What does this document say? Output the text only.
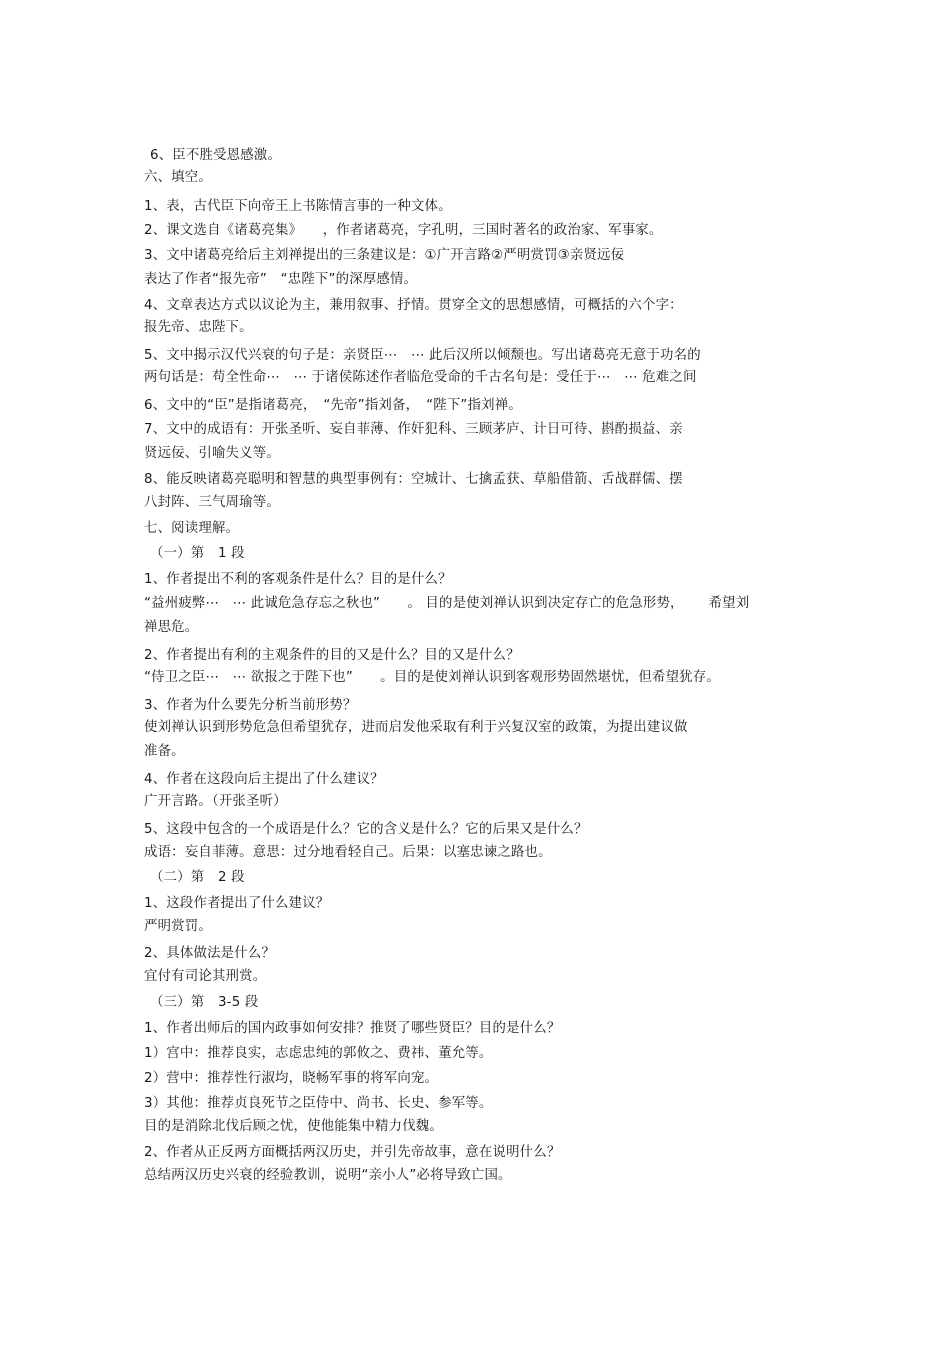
6、臣不胜受恩感激。
六、填空。
1、表，古代臣下向帝王上书陈情言事的一种文体。
2、课文选自《诸葛亮集》　　，作者诸葛亮，字孔明，三国时著名的政治家、军事家。
3、文中诸葛亮给后主刘禅提出的三条建议是：①广开言路②严明赏罚③亲贤远佞
表达了作者“报先帝”　“忠陛下”的深厚感情。
4、文章表达方式以议论为主，兼用叙事、抒情。贯穿全文的思想感情，可概括的六个字：
报先帝、忠陛下。
5、文中揭示汉代兴衰的句子是：亲贤臣⋯　⋯ 此后汉所以倾颓也。写出诸葛亮无意于功名的
两句话是：苟全性命⋯　⋯ 于诸侯陈述作者临危受命的千古名句是：受任于⋯　⋯ 危难之间
6、文中的“臣”是指诸葛亮，　“先帝”指刘备，　“陛下”指刘禅。
7、文中的成语有：开张圣听、妄自菲薄、作奸犯科、三顾茅庐、计日可待、斟酌损益、亲
贤远佞、引喻失义等。
8、能反映诸葛亮聪明和智慧的典型事例有：空城计、七擒孟获、草船借箭、舌战群儒、摆
八封阵、三气周瑜等。
七、阅读理解。
（一）第　1 段
1、作者提出不利的客观条件是什么？目的是什么？
“益州疲弊⋯　⋯ 此诚危急存忘之秋也”　　。 目的是使刘禅认识到决定存亡的危急形势，　　 希望刘
禅思危。
2、作者提出有利的主观条件的目的又是什么？目的又是什么？
“侍卫之臣⋯　⋯ 欲报之于陛下也”　　。目的是使刘禅认识到客观形势固然堪忧，但希望犹存。
3、作者为什么要先分析当前形势？
使刘禅认识到形势危急但希望犹存，进而启发他采取有利于兴复汉室的政策，为提出建议做
准备。
4、作者在这段向后主提出了什么建议？
广开言路。（开张圣听）
5、这段中包含的一个成语是什么？它的含义是什么？它的后果又是什么？
成语：妄自菲薄。意思：过分地看轻自己。后果：以塞忠谏之路也。
（二）第　2 段
1、这段作者提出了什么建议？
严明赏罚。
2、具体做法是什么？
宜付有司论其刑赏。
（三）第　3-5 段
1、作者出师后的国内政事如何安排？推贤了哪些贤臣？目的是什么？
1）宫中：推荐良实，志虑忠纯的郭攸之、费祎、董允等。
2）营中：推荐性行淑均，晓畅军事的将军向宠。
3）其他：推荐贞良死节之臣侍中、尚书、长史、参军等。
目的是消除北伐后顾之忧，使他能集中精力伐魏。
2、作者从正反两方面概括两汉历史，并引先帝故事，意在说明什么？
总结两汉历史兴衰的经验教训，说明“亲小人”必将导致亡国。
